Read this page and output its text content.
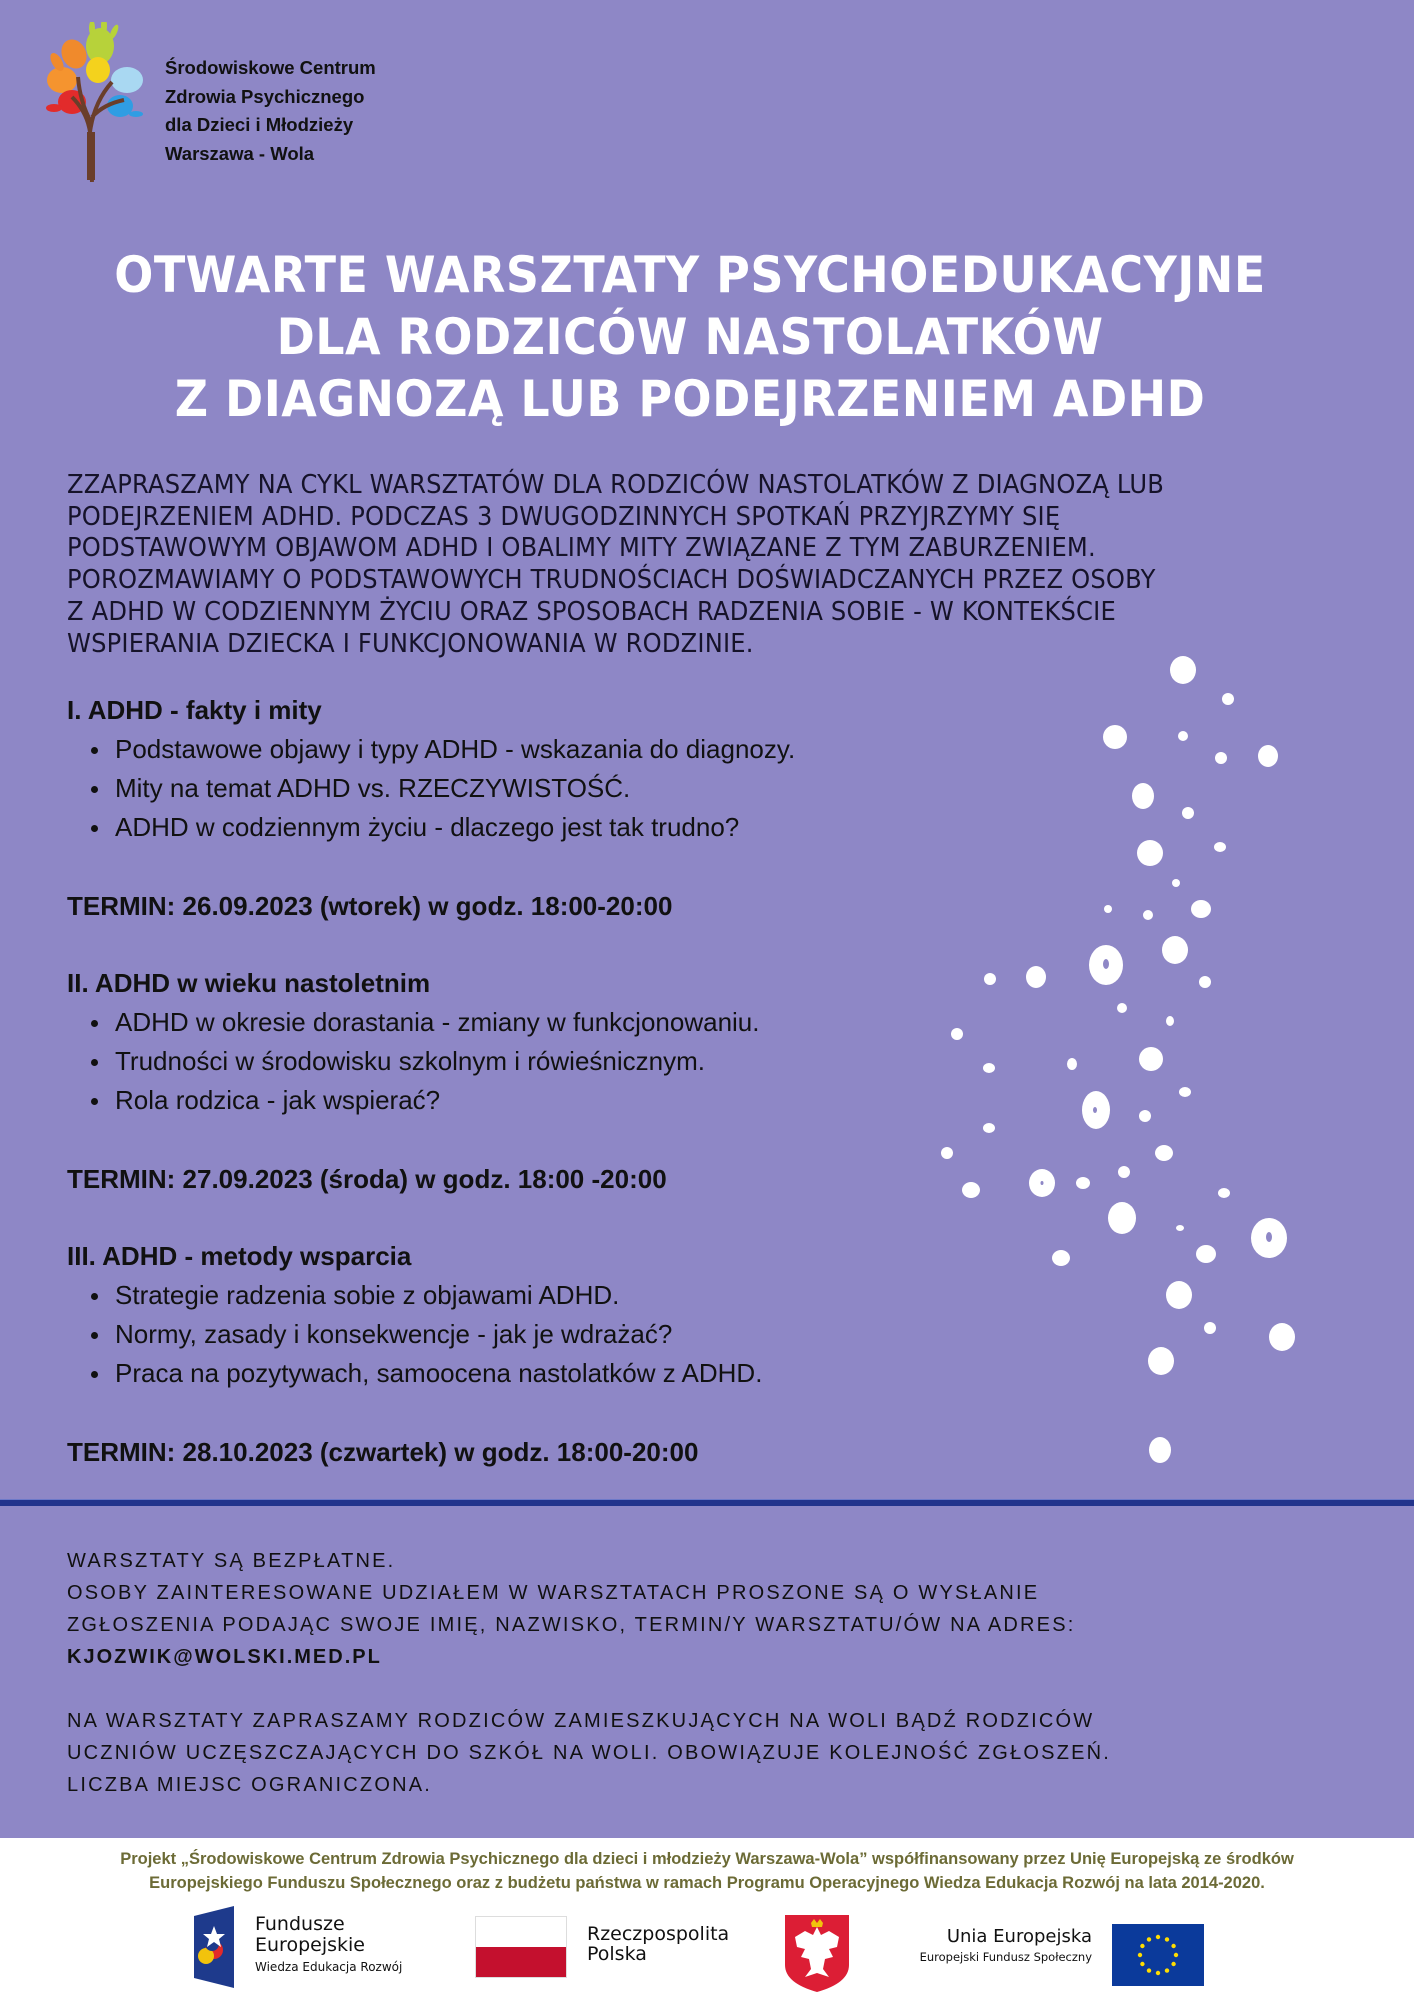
Środowiskowe Centrum
Zdrowia Psychicznego
dla Dzieci i Młodzieży
Warszawa - Wola
OTWARTE WARSZTATY PSYCHOEDUKACYJNE
DLA RODZICÓW NASTOLATKÓW
Z DIAGNOZĄ LUB PODEJRZENIEM ADHD
ZZAPRASZAMY NA CYKL WARSZTATÓW DLA RODZICÓW NASTOLATKÓW Z DIAGNOZĄ LUB
PODEJRZENIEM ADHD. PODCZAS 3 DWUGODZINNYCH SPOTKAŃ PRZYJRZYMY SIĘ
PODSTAWOWYM OBJAWOM ADHD I OBALIMY MITY ZWIĄZANE Z TYM ZABURZENIEM.
POROZMAWIAMY O PODSTAWOWYCH TRUDNOŚCIACH DOŚWIADCZANYCH PRZEZ OSOBY
Z ADHD W CODZIENNYM ŻYCIU ORAZ SPOSOBACH RADZENIA SOBIE - W KONTEKŚCIE
WSPIERANIA DZIECKA I FUNKCJONOWANIA W RODZINIE.
I. ADHD - fakty i mity
Podstawowe objawy i typy ADHD - wskazania do diagnozy.
Mity na temat ADHD vs. RZECZYWISTOŚĆ.
ADHD w codziennym życiu - dlaczego jest tak trudno?
TERMIN: 26.09.2023 (wtorek) w godz. 18:00-20:00
II. ADHD w wieku nastoletnim
ADHD w okresie dorastania - zmiany w funkcjonowaniu.
Trudności w środowisku szkolnym i rówieśnicznym.
Rola rodzica - jak wspierać?
TERMIN: 27.09.2023 (środa) w godz. 18:00 -20:00
III. ADHD - metody wsparcia
Strategie radzenia sobie z objawami ADHD.
Normy, zasady i konsekwencje - jak je wdrażać?
Praca na pozytywach, samoocena nastolatków z ADHD.
TERMIN: 28.10.2023 (czwartek) w godz. 18:00-20:00
WARSZTATY SĄ BEZPŁATNE.
OSOBY ZAINTERESOWANE UDZIAŁEM W WARSZTATACH PROSZONE SĄ O WYSŁANIE
ZGŁOSZENIA PODAJĄC SWOJE IMIĘ, NAZWISKO, TERMIN/Y WARSZTATU/ÓW NA ADRES:
KJOZWIK@WOLSKI.MED.PL
NA WARSZTATY ZAPRASZAMY RODZICÓW ZAMIESZKUJĄCYCH NA WOLI BĄDŹ RODZICÓW
UCZNIÓW UCZĘSZCZAJĄCYCH DO SZKÓŁ NA WOLI. OBOWIĄZUJE KOLEJNOŚĆ ZGŁOSZEŃ.
LICZBA MIEJSC OGRANICZONA.
Projekt „Środowiskowe Centrum Zdrowia Psychicznego dla dzieci i młodzieży Warszawa-Wola” współfinansowany przez Unię Europejską ze środków
Europejskiego Funduszu Społecznego oraz z budżetu państwa w ramach Programu Operacyjnego Wiedza Edukacja Rozwój na lata 2014-2020.
Fundusze
Europejskie
Wiedza Edukacja Rozwój
Rzeczpospolita
Polska
Unia Europejska
Europejski Fundusz Społeczny
